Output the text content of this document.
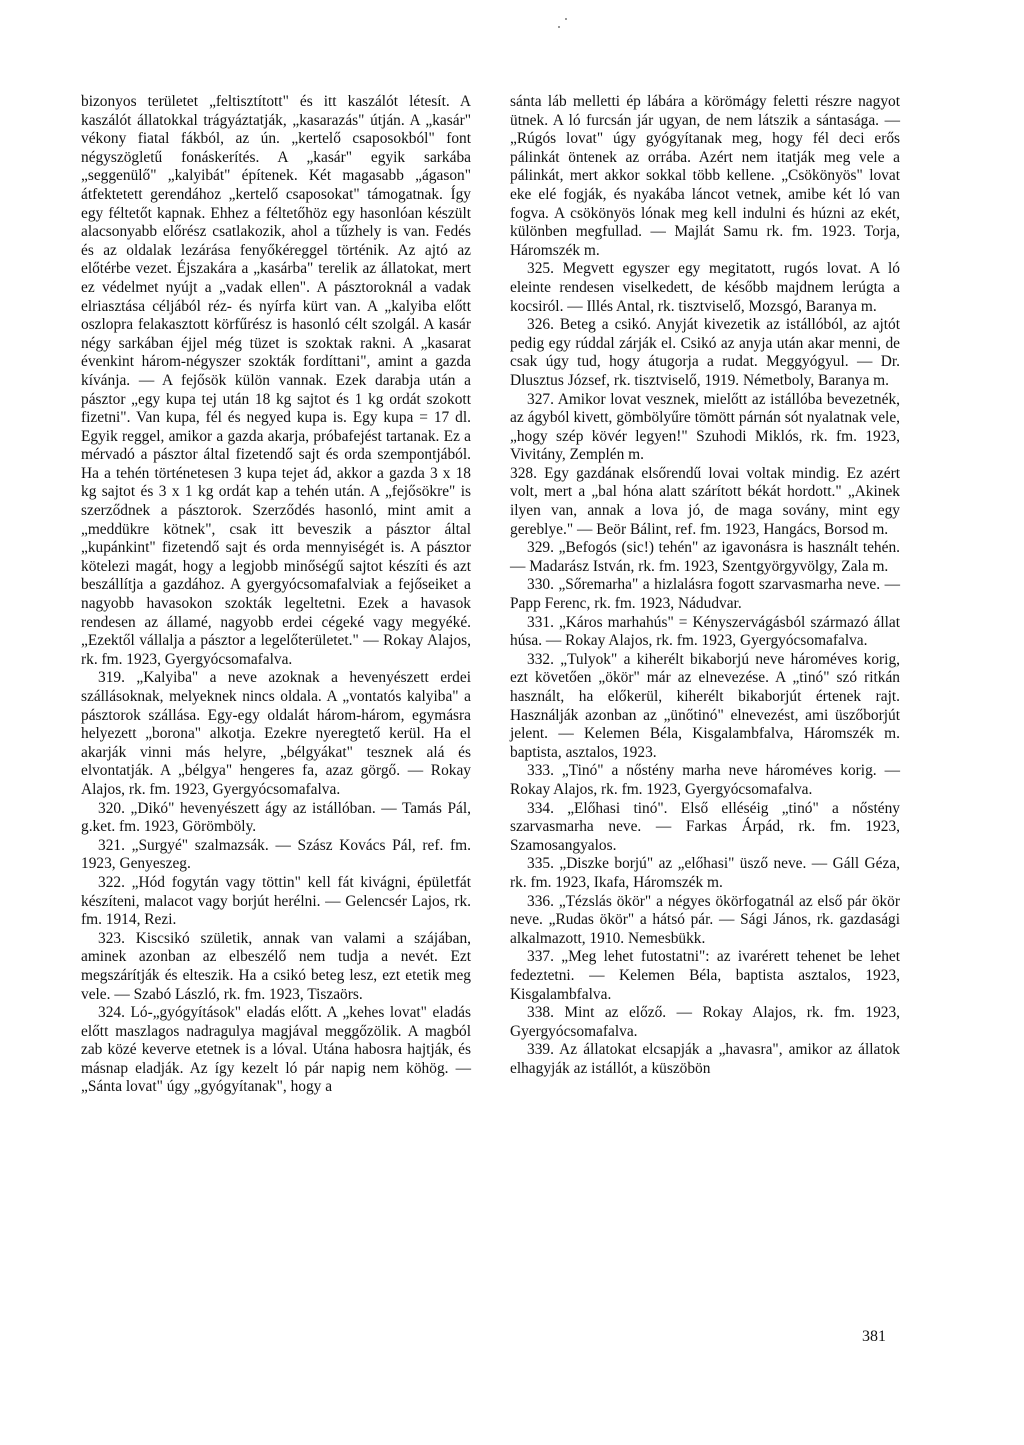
bizonyos területet „feltisztított" és itt kaszálót létesít. A kaszálót állatokkal trágyáztatják, „kasarazás" útján. A „kasár" vékony fiatal fákból, az ún. „kertelő csaposokból" font négyszögletű fonáskerítés. A „kasár" egyik sarkába „seggenülő" „kalyibát" építenek. Két magasabb „ágason" átfektetett gerendához „kertelő csaposokat" támogatnak. Így egy féltetőt kapnak. Ehhez a féltetőhöz egy hasonlóan készült alacsonyabb előrész csatlakozik, ahol a tűzhely is van. Fedés és az oldalak lezárása fenyőkéreggel történik. Az ajtó az előtérbe vezet. Éjszakára a „kasárba" terelik az állatokat, mert ez védelmet nyújt a „vadak ellen". A pásztoroknál a vadak elriasztása céljából réz- és nyírfa kürt van. A „kalyiba előtt oszlopra felakasztott körfűrész is hasonló célt szolgál. A kasár négy sarkában éjjel még tüzet is szoktak rakni. A „kasarat évenkint három-négyszer szokták fordíttani", amint a gazda kívánja. — A fejősök külön vannak. Ezek darabja után a pásztor „egy kupa tej után 18 kg sajtot és 1 kg ordát szokott fizetni". Van kupa, fél és negyed kupa is. Egy kupa = 17 dl. Egyik reggel, amikor a gazda akarja, próbafejést tartanak. Ez a mérvadó a pásztor által fizetendő sajt és orda szempontjából. Ha a tehén történetesen 3 kupa tejet ád, akkor a gazda 3 x 18 kg sajtot és 3 x 1 kg ordát kap a tehén után. A „fejősökre" is szerződnek a pásztorok. Szerződés hasonló, mint amit a „meddükre kötnek", csak itt beveszik a pásztor által „kupánkint" fizetendő sajt és orda mennyiségét is. A pásztor kötelezi magát, hogy a legjobb minőségű sajtot készíti és azt beszállítja a gazdához. A gyergyócsomafalviak a fejőseiket a nagyobb havasokon szokták legeltetni. Ezek a havasok rendesen az államé, nagyobb erdei cégeké vagy megyéké. „Ezektől vállalja a pásztor a legelőterületet." — Rokay Alajos, rk. fm. 1923, Gyergyócsomafalva.

319. „Kalyiba" a neve azoknak a hevenyészett erdei szállásoknak, melyeknek nincs oldala. A „vontatós kalyiba" a pásztorok szállása. Egy-egy oldalát három-három, egymásra helyezett „borona" alkotja. Ezekre nyeregtető kerül. Ha el akarják vinni más helyre, „bélgyákat" tesznek alá és elvontatják. A „bélgya" hengeres fa, azaz görgő. — Rokay Alajos, rk. fm. 1923, Gyergyócsomafalva.

320. „Dikó" hevenyészett ágy az istállóban. — Tamás Pál, g.ket. fm. 1923, Görömböly.

321. „Surgyé" szalmazsák. — Szász Kovács Pál, ref. fm. 1923, Genyeszeg.

322. „Hód fogytán vagy töttin" kell fát kivágni, épületfát készíteni, malacot vagy borjút herélni. — Gelencsér Lajos, rk. fm. 1914, Rezi.

323. Kiscsikó születik, annak van valami a szájában, aminek azonban az elbeszélő nem tudja a nevét. Ezt megszárítják és elteszik. Ha a csikó beteg lesz, ezt etetik meg vele. — Szabó László, rk. fm. 1923, Tiszaörs.

324. Ló-„gyógyítások" eladás előtt. A „kehes lovat" eladás előtt maszlagos nadragulya magjával meggőzölik. A magból zab közé keverve etetnek is a lóval. Utána habosra hajtják, és másnap eladják. Az így kezelt ló pár napig nem köhög. — „Sánta lovat" úgy „gyógyítanak", hogy a

sánta láb melletti ép lábára a körömágy feletti részre nagyot ütnek. A ló furcsán jár ugyan, de nem látszik a sántasága. — „Rúgós lovat" úgy gyógyítanak meg, hogy fél deci erős pálinkát öntenek az orrába. Azért nem itatják meg vele a pálinkát, mert akkor sokkal több kellene. „Csökönyös" lovat eke elé fogják, és nyakába láncot vetnek, amibe két ló van fogva. A csökönyös lónak meg kell indulni és húzni az ekét, különben megfullad. — Majlát Samu rk. fm. 1923. Torja, Háromszék m.

325. Megvett egyszer egy megitatott, rugós lovat. A ló eleinte rendesen viselkedett, de később majdnem lerúgta a kocsiról. — Illés Antal, rk. tisztviselő, Mozsgó, Baranya m.

326. Beteg a csikó. Anyját kivezetik az istállóból, az ajtót pedig egy rúddal zárják el. Csikó az anyja után akar menni, de csak úgy tud, hogy átugorja a rudat. Meggyógyul. — Dr. Dlusztus József, rk. tisztviselő, 1919. Németboly, Baranya m.

327. Amikor lovat vesznek, mielőtt az istállóba bevezetnék, az ágyból kivett, gömbölyűre tömött párnán sót nyalatnak vele, „hogy szép kövér legyen!" Szuhodi Miklós, rk. fm. 1923, Vivitány, Zemplén m.

328. Egy gazdának elsőrendű lovai voltak mindig. Ez azért volt, mert a „bal hóna alatt szárított békát hordott." „Akinek ilyen van, annak a lova jó, de maga sovány, mint egy gereblye." — Beör Bálint, ref. fm. 1923, Hangács, Borsod m.

329. „Befogós (sic!) tehén" az igavonásra is használt tehén. — Madarász István, rk. fm. 1923, Szentgyörgyvölgy, Zala m.

330. „Sőremarha" a hizlalásra fogott szarvasmarha neve. — Papp Ferenc, rk. fm. 1923, Nádudvar.

331. „Káros marhahús" = Kényszervágásból származó állat húsa. — Rokay Alajos, rk. fm. 1923, Gyergyócsomafalva.

332. „Tulyok" a kiherélt bikaborjú neve hároméves korig, ezt követően „ökör" már az elnevezése. A „tinó" szó ritkán használt, ha előkerül, kiherélt bikaborjút értenek rajt. Használják azonban az „ünőtinó" elnevezést, ami üszőborjút jelent. — Kelemen Béla, Kisgalambfalva, Háromszék m. baptista, asztalos, 1923.

333. „Tinó" a nőstény marha neve hároméves korig. — Rokay Alajos, rk. fm. 1923, Gyergyócsomafalva.

334. „Előhasi tinó". Első elléséig „tinó" a nőstény szarvasmarha neve. — Farkas Árpád, rk. fm. 1923, Szamosangyalos.

335. „Diszke borjú" az „előhasi" üsző neve. — Gáll Géza, rk. fm. 1923, Ikafa, Háromszék m.

336. „Tézslás ökör" a négyes ökörfogatnál az első pár ökör neve. „Rudas ökör" a hátsó pár. — Sági János, rk. gazdasági alkalmazott, 1910. Nemesbükk.

337. „Meg lehet futostatni": az ivarérett tehenet be lehet fedeztetni. — Kelemen Béla, baptista asztalos, 1923, Kisgalambfalva.

338. Mint az előző. — Rokay Alajos, rk. fm. 1923, Gyergyócsomafalva.

339. Az állatokat elcsapják a „havasra", amikor az állatok elhagyják az istállót, a küszöbön

381
